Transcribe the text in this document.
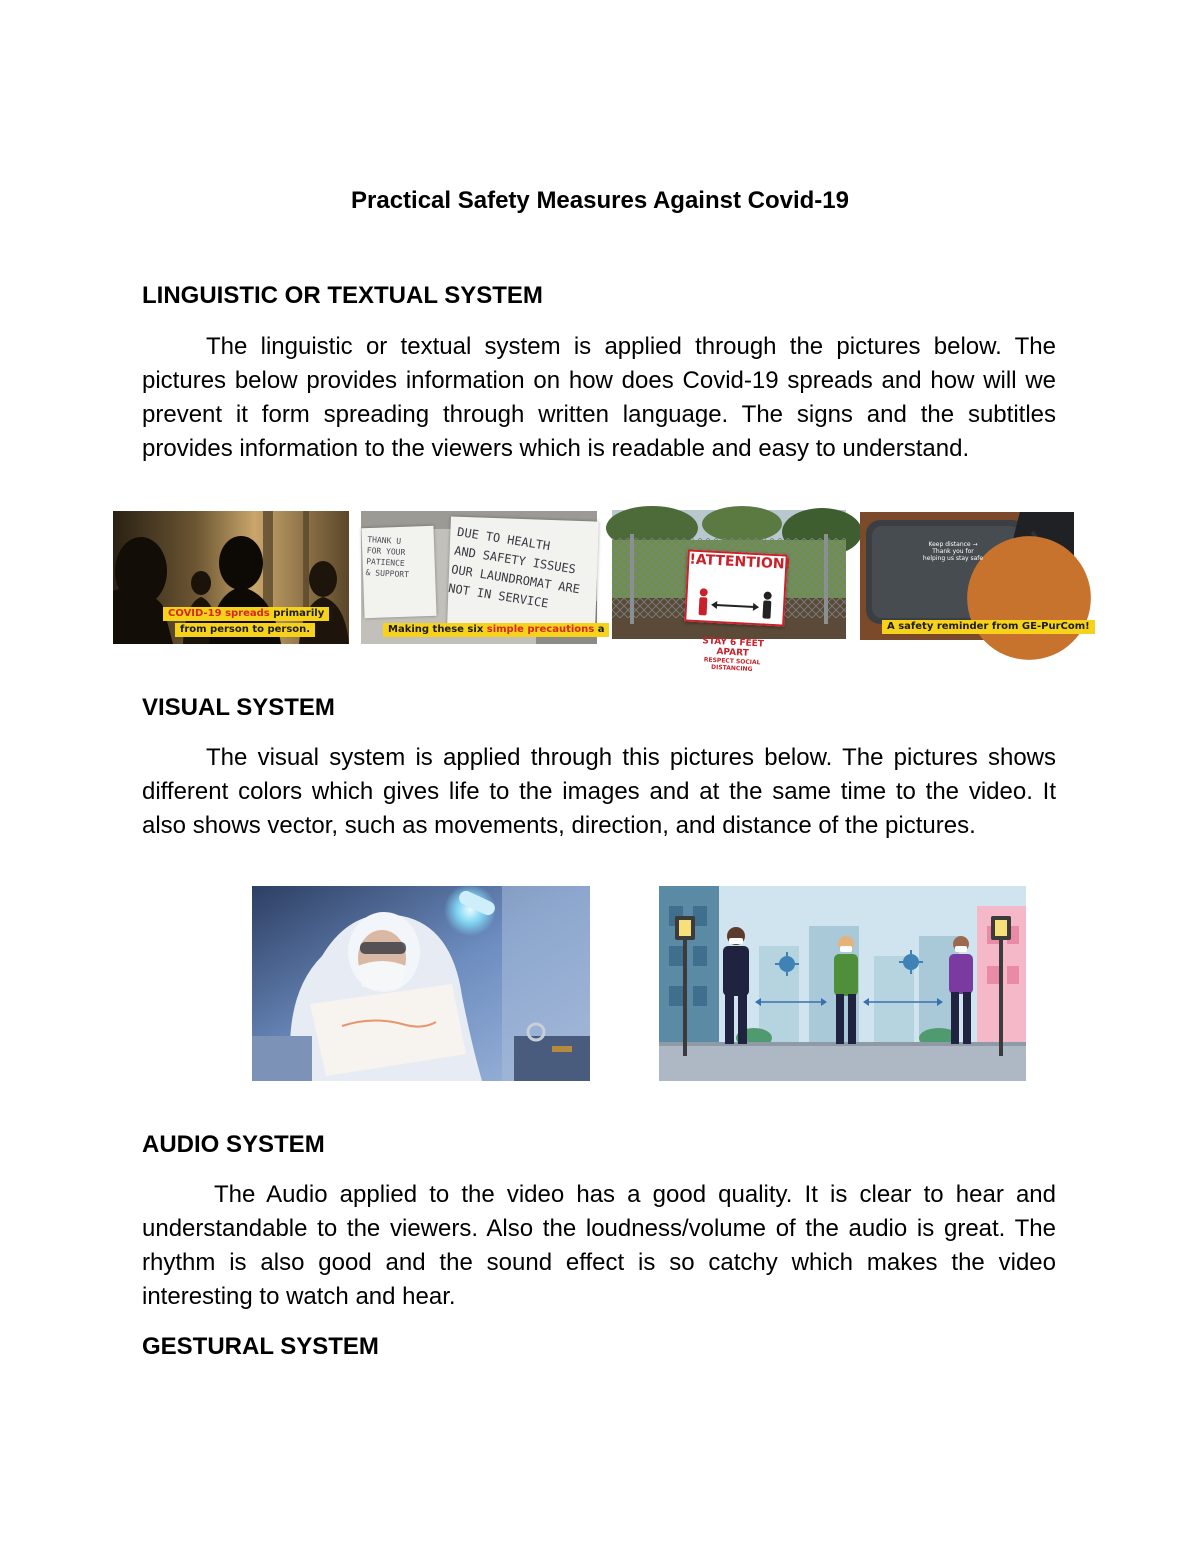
Practical Safety Measures Against Covid-19
LINGUISTIC OR TEXTUAL SYSTEM

The linguistic or textual system is applied through the pictures below. The pictures below provides information on how does Covid-19 spreads and how will we prevent it form spreading through written language. The signs and the subtitles provides information to the viewers which is readable and easy to understand.

COVID-19 spreads primarily
from person to person.
THANK U
FOR YOUR
PATIENCE
& SUPPORT
DUE TO HEALTH
AND SAFETY ISSUES
OUR LAUNDROMAT ARE
NOT IN SERVICE
Making these six simple precautions a
!ATTENTION!
STAY 6 FEET APART
RESPECT SOCIAL DISTANCING
Keep distance → Thank you for helping us stay safe
A safety reminder from GE-PurCom!
VISUAL SYSTEM

The visual system is applied through this pictures below. The pictures shows different colors which gives life to the images and at the same time to the video. It also shows vector, such as movements, direction, and distance of the pictures.

AUDIO SYSTEM

The Audio applied to the video has a good quality. It is clear to hear and understandable to the viewers. Also the loudness/volume of the audio is great. The rhythm is also good and the sound effect is so catchy which makes the video interesting to watch and hear.

GESTURAL SYSTEM
